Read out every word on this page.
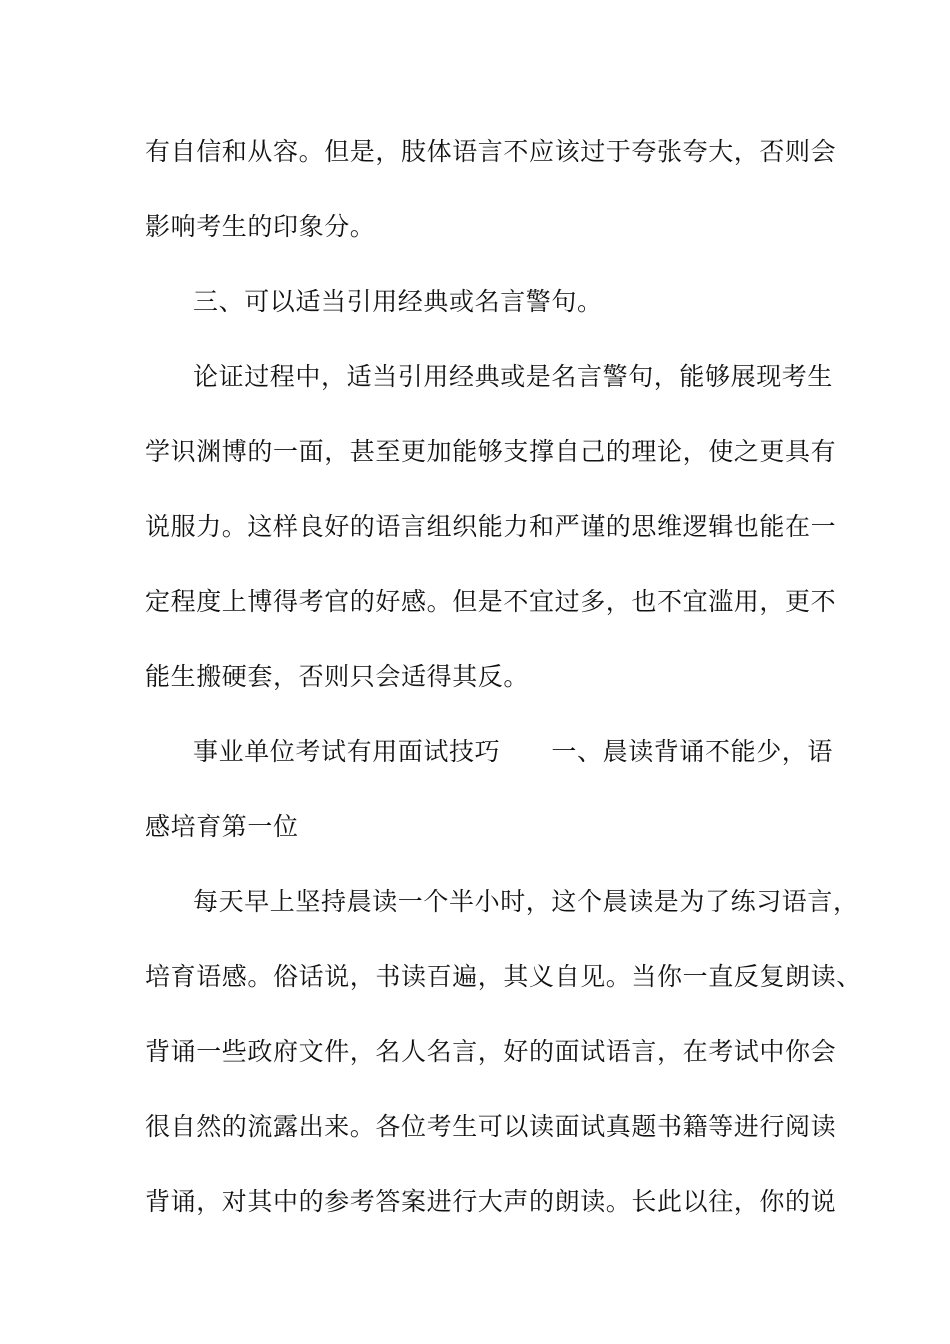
有自信和从容。但是，肢体语言不应该过于夸张夸大，否则会
影响考生的印象分。
三、可以适当引用经典或名言警句。
论证过程中，适当引用经典或是名言警句，能够展现考生
学识渊博的一面，甚至更加能够支撑自己的理论，使之更具有
说服力。这样良好的语言组织能力和严谨的思维逻辑也能在一
定程度上博得考官的好感。但是不宜过多，也不宜滥用，更不
能生搬硬套，否则只会适得其反。
事业单位考试有用面试技巧　　一、晨读背诵不能少，语
感培育第一位
每天早上坚持晨读一个半小时，这个晨读是为了练习语言，
培育语感。俗话说，书读百遍，其义自见。当你一直反复朗读、
背诵一些政府文件，名人名言，好的面试语言，在考试中你会
很自然的流露出来。各位考生可以读面试真题书籍等进行阅读
背诵，对其中的参考答案进行大声的朗读。长此以往，你的说
